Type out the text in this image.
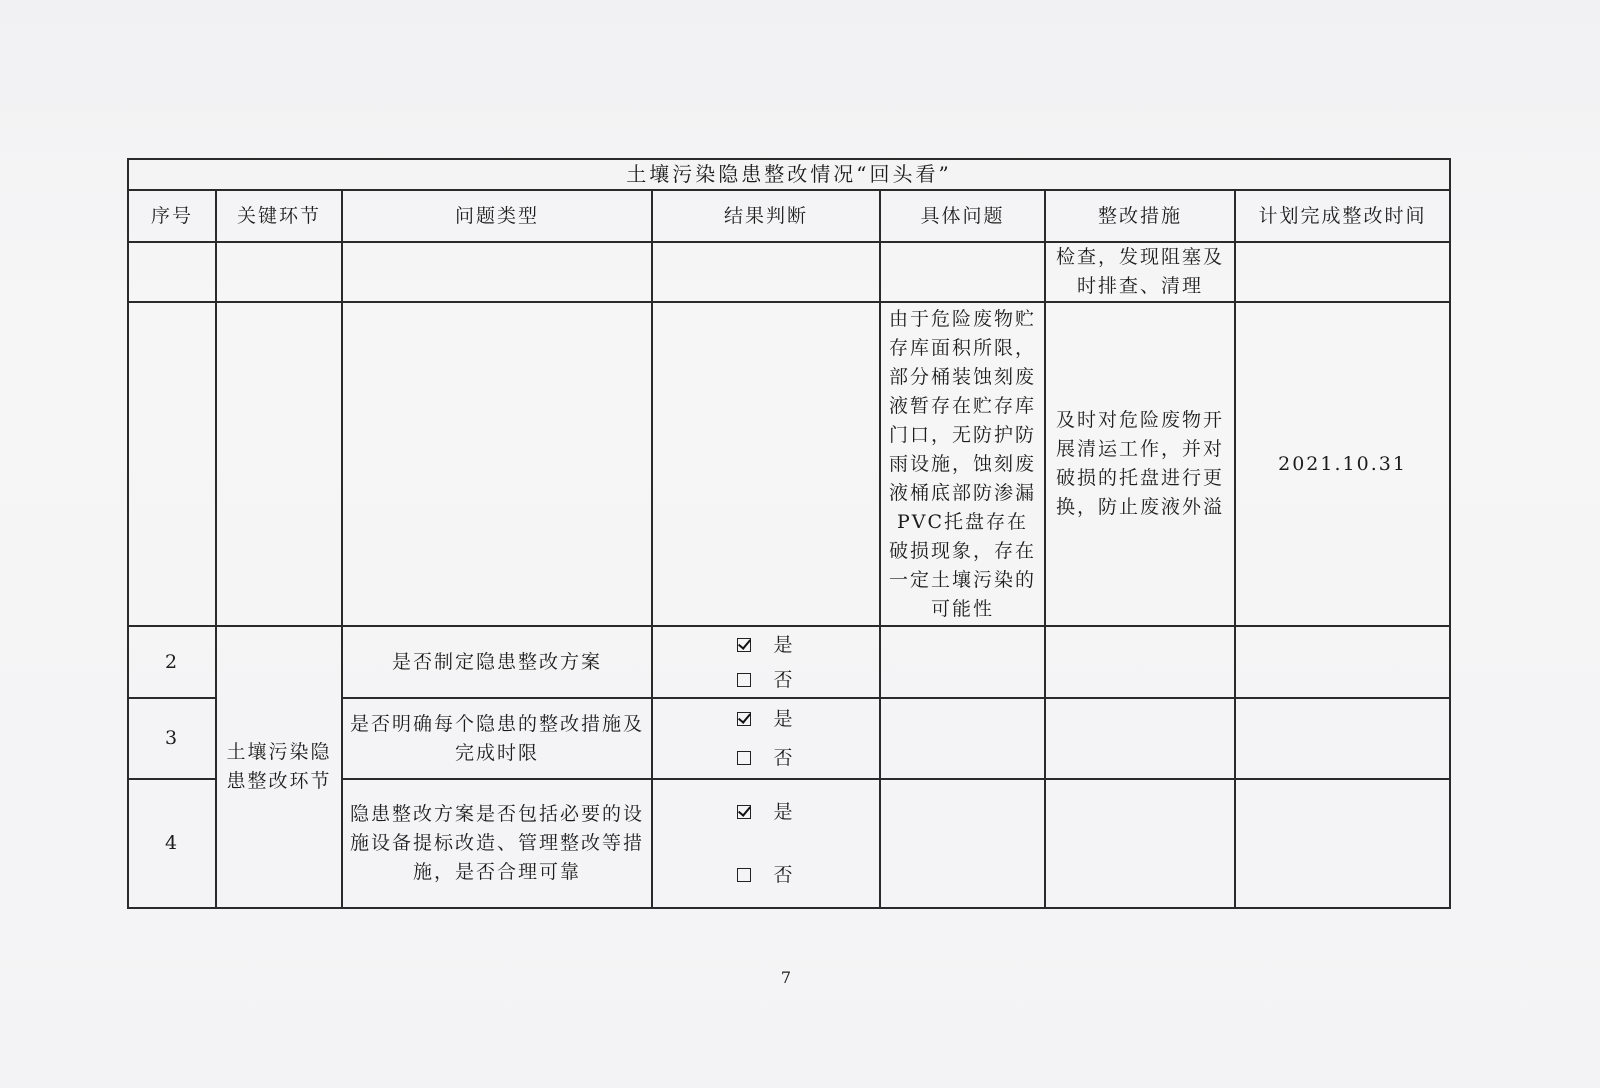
土壤污染隐患整改情况“回头看”						
序号	关键环节	问题类型	结果判断	具体问题	整改措施	计划完成整改时间
					检查，发现阻塞及时排查、清理	
				由于危险废物贮存库面积所限，部分桶装蚀刻废液暂存在贮存库门口，无防护防雨设施，蚀刻废液桶底部防渗漏PVC托盘存在破损现象，存在一定土壤污染的可能性	及时对危险废物开展清运工作，并对破损的托盘进行更换，防止废液外溢	2021.10.31
2	土壤污染隐患整改环节	是否制定隐患整改方案	是
否			

3		是否明确每个隐患的整改措施及完成时限	是
否			

4		隐患整改方案是否包括必要的设施设备提标改造、管理整改等措施，是否合理可靠	是
否			

7
